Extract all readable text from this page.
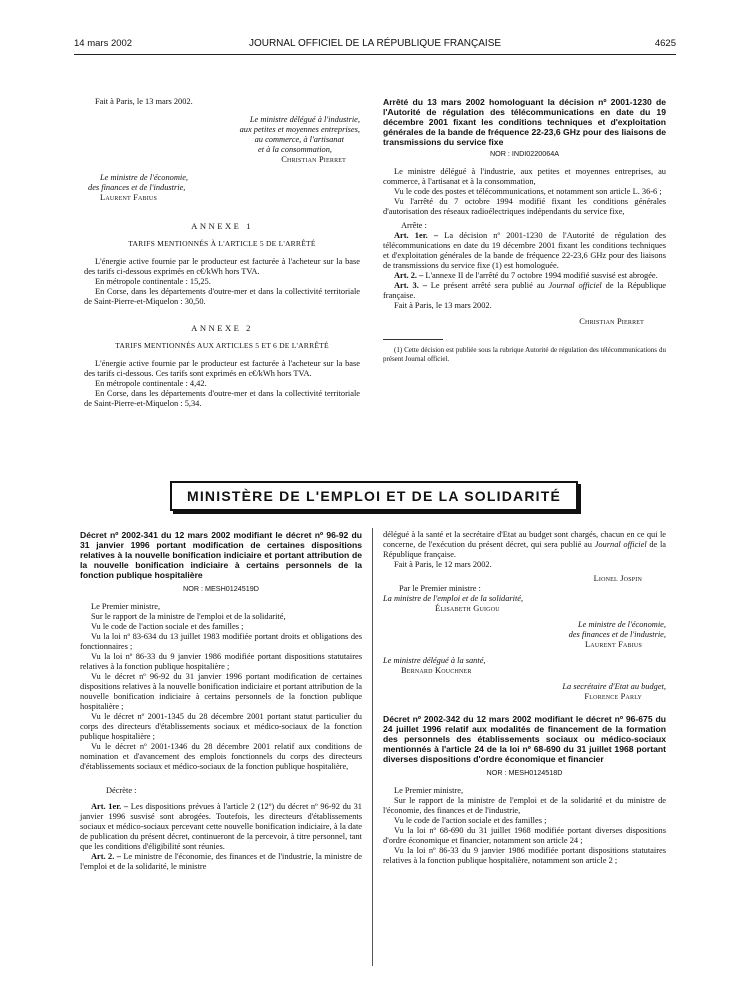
14 mars 2002	JOURNAL OFFICIEL DE LA RÉPUBLIQUE FRANÇAISE	4625

Fait à Paris, le 13 mars 2002.

Le ministre délégué à l'industrie,
aux petites et moyennes entreprises,
au commerce, à l'artisanat
et à la consommation,
Christian Pierret
Le ministre de l'économie,
des finances et de l'industrie,
Laurent Fabius
ANNEXE 1
TARIFS MENTIONNÉS À L'ARTICLE 5 DE L'ARRÊTÉ

L'énergie active fournie par le producteur est facturée à l'acheteur sur la base des tarifs ci-dessous exprimés en c€/kWh hors TVA.

En métropole continentale : 15,25.

En Corse, dans les départements d'outre-mer et dans la collectivité territoriale de Saint-Pierre-et-Miquelon : 30,50.

ANNEXE 2
TARIFS MENTIONNÉS AUX ARTICLES 5 ET 6 DE L'ARRÊTÉ

L'énergie active fournie par le producteur est facturée à l'acheteur sur la base des tarifs ci-dessous. Ces tarifs sont exprimés en c€/kWh hors TVA.

En métropole continentale : 4,42.

En Corse, dans les départements d'outre-mer et dans la collectivité territoriale de Saint-Pierre-et-Miquelon : 5,34.

Arrêté du 13 mars 2002 homologuant la décision nº 2001-1230 de l'Autorité de régulation des télécommunications en date du 19 décembre 2001 fixant les conditions techniques et d'exploitation générales de la bande de fréquence 22-23,6 GHz pour des liaisons de transmissions du service fixe

NOR : INDI0220064A

Le ministre délégué à l'industrie, aux petites et moyennes entreprises, au commerce, à l'artisanat et à la consommation,

Vu le code des postes et télécommunications, et notamment son article L. 36-6 ;

Vu l'arrêté du 7 octobre 1994 modifié fixant les conditions générales d'autorisation des réseaux radioélectriques indépendants du service fixe,

Arrête :

Art. 1er. – La décision nº 2001-1230 de l'Autorité de régulation des télécommunications en date du 19 décembre 2001 fixant les conditions techniques et d'exploitation générales de la bande de fréquence 22-23,6 GHz pour des liaisons de transmissions du service fixe (1) est homologuée.

Art. 2. – L'annexe II de l'arrêté du 7 octobre 1994 modifié susvisé est abrogée.

Art. 3. – Le présent arrêté sera publié au Journal officiel de la République française.

Fait à Paris, le 13 mars 2002.

Christian Pierret

(1) Cette décision est publiée sous la rubrique Autorité de régulation des télécommunications du présent Journal officiel.

MINISTÈRE DE L'EMPLOI ET DE LA SOLIDARITÉ

Décret nº 2002-341 du 12 mars 2002 modifiant le décret nº 96-92 du 31 janvier 1996 portant modification de certaines dispositions relatives à la nouvelle bonification indiciaire et portant attribution de la nouvelle bonification indiciaire à certains personnels de la fonction publique hospitalière

NOR : MESH0124519D

Le Premier ministre,

Sur le rapport de la ministre de l'emploi et de la solidarité,

Vu le code de l'action sociale et des familles ;

Vu la loi nº 83-634 du 13 juillet 1983 modifiée portant droits et obligations des fonctionnaires ;

Vu la loi nº 86-33 du 9 janvier 1986 modifiée portant dispositions statutaires relatives à la fonction publique hospitalière ;

Vu le décret nº 96-92 du 31 janvier 1996 portant modification de certaines dispositions relatives à la nouvelle bonification indiciaire et portant attribution de la nouvelle bonification indiciaire à certains personnels de la fonction publique hospitalière ;

Vu le décret nº 2001-1345 du 28 décembre 2001 portant statut particulier du corps des directeurs d'établissements sociaux et médico-sociaux de la fonction publique hospitalière ;

Vu le décret nº 2001-1346 du 28 décembre 2001 relatif aux conditions de nomination et d'avancement des emplois fonctionnels du corps des directeurs d'établissements sociaux et médico-sociaux de la fonction publique hospitalière,

Décrète :

Art. 1er. – Les dispositions prévues à l'article 2 (12º) du décret nº 96-92 du 31 janvier 1996 susvisé sont abrogées. Toutefois, les directeurs d'établissements sociaux et médico-sociaux percevant cette nouvelle bonification indiciaire, à la date de publication du présent décret, continueront de la percevoir, à titre personnel, tant que les conditions d'éligibilité sont réunies.

Art. 2. – Le ministre de l'économie, des finances et de l'industrie, la ministre de l'emploi et de la solidarité, le ministre

délégué à la santé et la secrétaire d'Etat au budget sont chargés, chacun en ce qui le concerne, de l'exécution du présent décret, qui sera publié au Journal officiel de la République française.

Fait à Paris, le 12 mars 2002.

Lionel Jospin

Par le Premier ministre :

La ministre de l'emploi et de la solidarité,

Élisabeth Guigou

Le ministre de l'économie,
des finances et de l'industrie,

Laurent Fabius

Le ministre délégué à la santé,

Bernard Kouchner

La secrétaire d'Etat au budget,

Florence Parly

Décret nº 2002-342 du 12 mars 2002 modifiant le décret nº 96-675 du 24 juillet 1996 relatif aux modalités de financement de la formation des personnels des établissements sociaux ou médico-sociaux mentionnés à l'article 24 de la loi nº 68-690 du 31 juillet 1968 portant diverses dispositions d'ordre économique et financier

NOR : MESH0124518D

Le Premier ministre,

Sur le rapport de la ministre de l'emploi et de la solidarité et du ministre de l'économie, des finances et de l'industrie,

Vu le code de l'action sociale et des familles ;

Vu la loi nº 68-690 du 31 juillet 1968 modifiée portant diverses dispositions d'ordre économique et financier, notamment son article 24 ;

Vu la loi nº 86-33 du 9 janvier 1986 modifiée portant dispositions statutaires relatives à la fonction publique hospitalière, notamment son article 2 ;
